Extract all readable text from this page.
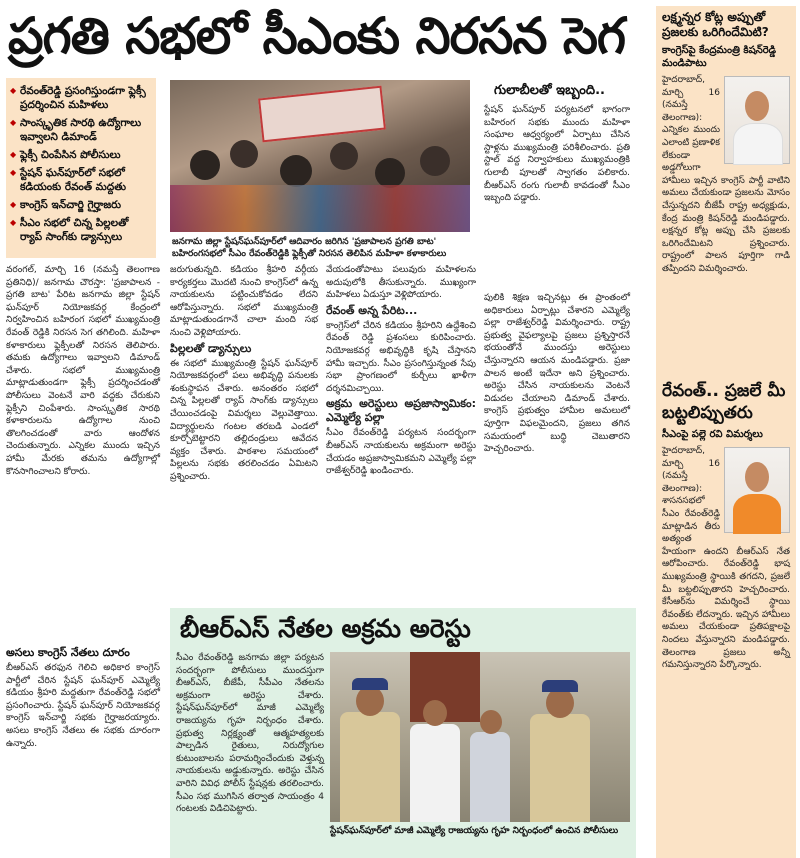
ప్రగతి సభలో సీఎంకు నిరసన సెగ
◆ రేవంత్‌రెడ్డి ప్రసంగిస్తుండగా ఫ్లెక్సీ ప్రదర్శించిన మహిళలు
◆ సాంస్కృతిక సారథి ఉద్యోగాలు ఇవ్వాలని డిమాండ్
◆ ఫ్లెక్సీ చింపేసిన పోలీసులు
◆ స్టేషన్ ఘన్‌పూర్‌లో సభలో కడియంకు రేవంత్ మద్దతు
◆ కాంగ్రెస్ ఇన్‌చార్జి గైర్హాజరు
◆ సీఎం సభలో చిన్న పిల్లలతో ర్యాప్ సాంగ్‌కు డ్యాన్సులు	జనగామ జిల్లా స్టేషన్‌ఘన్‌పూర్‌లో ఆదివారం జరిగిన 'ప్రజాపాలన ప్రగతి బాట' బహిరంగసభలో సీఎం రేవంత్‌రెడ్డికి ఫ్లెక్సీతో నిరసన తెలిపిన మహిళా కళాకారులు
వరంగల్, మార్చి 16 (నమస్తే తెలంగాణ ప్రతినిధి)/ జనగామ చౌరస్తా: 'ప్రజాపాలన - ప్రగతి బాట' పేరిట జనగామ జిల్లా స్టేషన్ ఘన్‌పూర్ నియోజకవర్గ కేంద్రంలో నిర్వహించిన బహిరంగ సభలో ముఖ్యమంత్రి రేవంత్ రెడ్డికి నిరసన సెగ తగిలింది. మహిళా కళాకారులు ఫ్లెక్సీలతో నిరసన తెలిపారు. తమకు ఉద్యోగాలు ఇవ్వాలని డిమాండ్ చేశారు. సభలో ముఖ్యమంత్రి మాట్లాడుతుండగా ఫ్లెక్సీ ప్రదర్శించడంతో పోలీసులు వెంటనే వారి వద్దకు చేరుకుని ఫ్లెక్సీని చింపేశారు. సాంస్కృతిక సారథి కళాకారులను ఉద్యోగాల నుంచి తొలగించడంతో వారు ఆందోళన చెందుతున్నారు. ఎన్నికల ముందు ఇచ్చిన హామీ మేరకు తమను ఉద్యోగాల్లో కొనసాగించాలని కోరారు.
అసలు కాంగ్రెస్ నేతలు దూరం
బీఆర్ఎస్ తరఫున గెలిచి అధికార కాంగ్రెస్ పార్టీలో చేరిన స్టేషన్ ఘన్‌పూర్ ఎమ్మెల్యే కడియం శ్రీహరి మద్దతుగా రేవంత్‌రెడ్డి సభలో ప్రసంగించారు. స్టేషన్ ఘన్‌పూర్ నియోజకవర్గ కాంగ్రెస్ ఇన్‌చార్జి సభకు గైర్హాజరయ్యారు. అసలు కాంగ్రెస్ నేతలు ఈ సభకు దూరంగా ఉన్నారు.
జరుగుతున్నది. కడియం శ్రీహరి వర్గీయ కార్యకర్తలు మొదటి నుంచి కాంగ్రెస్‌లో ఉన్న నాయకులను పట్టించుకోవడం లేదని ఆరోపిస్తున్నారు. సభలో ముఖ్యమంత్రి మాట్లాడుతుండగానే చాలా మంది సభ నుంచి వెళ్లిపోయారు.
పిల్లలతో డ్యాన్సులు
ఈ సభలో ముఖ్యమంత్రి స్టేషన్ ఘన్‌పూర్ నియోజకవర్గంలో పలు అభివృద్ధి పనులకు శంకుస్థాపన చేశారు. అనంతరం సభలో చిన్న పిల్లలతో ర్యాప్ సాంగ్‌కు డ్యాన్సులు చేయించడంపై విమర్శలు వెల్లువెత్తాయి. విద్యార్థులను గంటల తరబడి ఎండలో కూర్చోబెట్టారని తల్లిదండ్రులు ఆవేదన వ్యక్తం చేశారు. పాఠశాల సమయంలో పిల్లలను సభకు తరలించడం ఏమిటని ప్రశ్నించారు.
వేయడంతోపాటు పలువురు మహిళలను అదుపులోకి తీసుకున్నారు. ముఖ్యంగా మహిళలు ఏడుస్తూ వెళ్లిపోయారు.
రేవంత్ అన్న పేరిట...
కాంగ్రెస్‌లో చేరిన కడియం శ్రీహరిని ఉద్దేశించి రేవంత్ రెడ్డి ప్రశంసలు కురిపించారు. నియోజకవర్గ అభివృద్ధికి కృషి చేస్తానని హామీ ఇచ్చారు. సీఎం ప్రసంగిస్తున్నంత సేపు సభా ప్రాంగణంలో కుర్చీలు ఖాళీగా దర్శనమిచ్చాయి.
అక్రమ అరెస్టులు అప్రజాస్వామికం: ఎమ్మెల్యే పల్లా
సీఎం రేవంత్‌రెడ్డి పర్యటన సందర్భంగా బీఆర్ఎస్ నాయకులను అక్రమంగా అరెస్టు చేయడం అప్రజాస్వామికమని ఎమ్మెల్యే పల్లా రాజేశ్వర్‌రెడ్డి ఖండించారు.
గులాబీలతో ఇబ్బంది..
స్టేషన్ ఘన్‌పూర్ పర్యటనలో భాగంగా బహిరంగ సభకు ముందు మహిళా సంఘాల ఆధ్వర్యంలో ఏర్పాటు చేసిన స్టాళ్లను ముఖ్యమంత్రి పరిశీలించారు. ప్రతి స్టాల్ వద్ద నిర్వాహకులు ముఖ్యమంత్రికి గులాబీ పూలతో స్వాగతం పలికారు. బీఆర్ఎస్ రంగు గులాబీ కావడంతో సీఎం ఇబ్బంది పడ్డారు.
పులికి శిక్షణ ఇచ్చినట్లు ఈ ప్రాంతంలో అధికారులు ఏర్పాట్లు చేశారని ఎమ్మెల్యే పల్లా రాజేశ్వర్‌రెడ్డి విమర్శించారు. రాష్ట్ర ప్రభుత్వ వైఫల్యాలపై ప్రజలు ప్రశ్నిస్తారనే భయంతోనే ముందస్తు అరెస్టులు చేస్తున్నారని ఆయన మండిపడ్డారు. ప్రజా పాలన అంటే ఇదేనా అని ప్రశ్నించారు. అరెస్టు చేసిన నాయకులను వెంటనే విడుదల చేయాలని డిమాండ్ చేశారు. కాంగ్రెస్ ప్రభుత్వం హామీల అమలులో పూర్తిగా విఫలమైందని, ప్రజలు తగిన సమయంలో బుద్ధి చెబుతారని హెచ్చరించారు.
లక్ష్మన్నర కోట్ల అప్పుతో ప్రజలకు ఒరిగిందేమిటి?
కాంగ్రెస్‌పై కేంద్రమంత్రి కిషన్‌రెడ్డి మండిపాటు
హైదరాబాద్, మార్చి 16 (నమస్తే తెలంగాణ): ఎన్నికల ముందు ఎలాంటి ప్రణాళిక లేకుండా అడ్డగోలుగా హామీలు ఇచ్చిన కాంగ్రెస్ పార్టీ వాటిని అమలు చేయకుండా ప్రజలను మోసం చేస్తున్నదని బీజేపీ రాష్ట్ర అధ్యక్షుడు, కేంద్ర మంత్రి కిషన్‌రెడ్డి మండిపడ్డారు. లక్షన్నర కోట్ల అప్పు చేసి ప్రజలకు ఒరిగిందేమిటని ప్రశ్నించారు. రాష్ట్రంలో పాలన పూర్తిగా గాడి తప్పిందని విమర్శించారు.
రేవంత్.. ప్రజలే మీ బట్టలిప్పుతరు
సీఎంపై పల్లె రవి విమర్శలు
హైదరాబాద్, మార్చి 16 (నమస్తే తెలంగాణ): శాసనసభలో సీఎం రేవంత్‌రెడ్డి మాట్లాడిన తీరు అత్యంత హేయంగా ఉందని బీఆర్ఎస్ నేత ఆరోపించారు. రేవంత్‌రెడ్డి భాష ముఖ్యమంత్రి స్థాయికి తగదని, ప్రజలే మీ బట్టలిప్పుతారని హెచ్చరించారు. కేసీఆర్‌ను విమర్శించే స్థాయి రేవంత్‌కు లేదన్నారు. ఇచ్చిన హామీలు అమలు చేయకుండా ప్రతిపక్షాలపై నిందలు వేస్తున్నారని మండిపడ్డారు. తెలంగాణ ప్రజలు అన్నీ గమనిస్తున్నారని పేర్కొన్నారు.
బీఆర్ఎస్ నేతల అక్రమ అరెస్టు
సీఎం రేవంత్‌రెడ్డి జనగామ జిల్లా పర్యటన సందర్భంగా పోలీసులు ముందస్తుగా బీఆర్ఎస్, బీజేపీ, సీపీఎం నేతలను అక్రమంగా అరెస్టు చేశారు. స్టేషన్‌ఘన్‌పూర్‌లో మాజీ ఎమ్మెల్యే రాజయ్యను గృహ నిర్బంధం చేశారు. ప్రభుత్వ నిర్లక్ష్యంతో ఆత్మహత్యలకు పాల్పడిన రైతులు, నిరుద్యోగుల కుటుంబాలను పరామర్శించేందుకు వెళ్తున్న నాయకులను అడ్డుకున్నారు. అరెస్టు చేసిన వారిని వివిధ పోలీస్ స్టేషన్లకు తరలించారు. సీఎం సభ ముగిసిన తర్వాత సాయంత్రం 4 గంటలకు విడిచిపెట్టారు.
స్టేషన్‌ఘన్‌పూర్‌లో మాజీ ఎమ్మెల్యే రాజయ్యను గృహ నిర్బంధంలో ఉంచిన పోలీసులు
